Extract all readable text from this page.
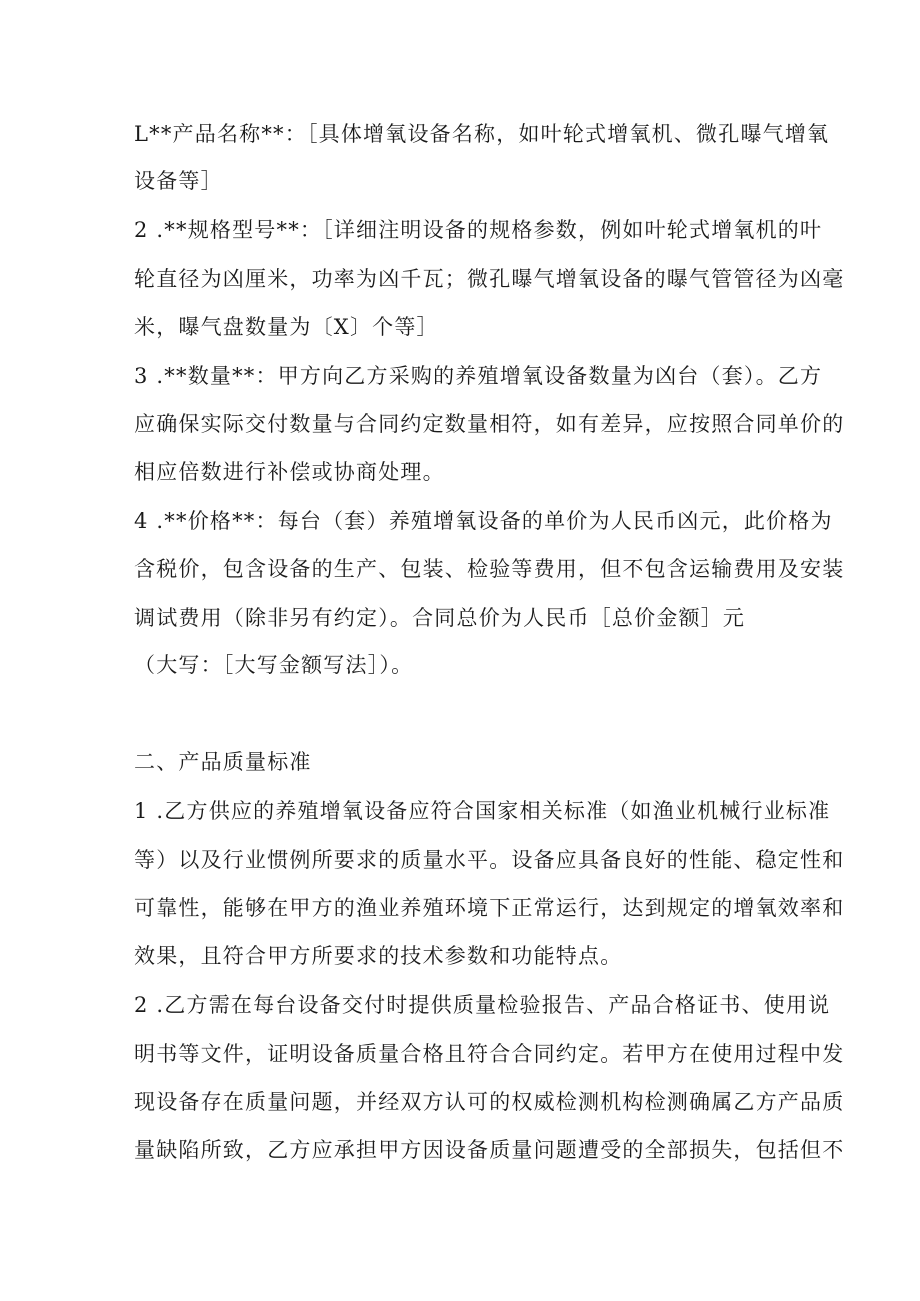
L**产品名称**：［具体增氧设备名称，如叶轮式增氧机、微孔曝气增氧
设备等］
2 .**规格型号**：［详细注明设备的规格参数，例如叶轮式增氧机的叶
轮直径为凶厘米，功率为凶千瓦；微孔曝气增氧设备的曝气管管径为凶毫
米，曝气盘数量为〔X〕个等］
3 .**数量**：甲方向乙方采购的养殖增氧设备数量为凶台（套）。乙方
应确保实际交付数量与合同约定数量相符，如有差异，应按照合同单价的
相应倍数进行补偿或协商处理。
4 .**价格**：每台（套）养殖增氧设备的单价为人民币凶元，此价格为
含税价，包含设备的生产、包装、检验等费用，但不包含运输费用及安装
调试费用（除非另有约定）。合同总价为人民币［总价金额］元
（大写：［大写金额写法］）。
二、产品质量标准
1 .乙方供应的养殖增氧设备应符合国家相关标准（如渔业机械行业标准
等）以及行业惯例所要求的质量水平。设备应具备良好的性能、稳定性和
可靠性，能够在甲方的渔业养殖环境下正常运行，达到规定的增氧效率和
效果，且符合甲方所要求的技术参数和功能特点。
2 .乙方需在每台设备交付时提供质量检验报告、产品合格证书、使用说
明书等文件，证明设备质量合格且符合合同约定。若甲方在使用过程中发
现设备存在质量问题，并经双方认可的权威检测机构检测确属乙方产品质
量缺陷所致，乙方应承担甲方因设备质量问题遭受的全部损失，包括但不
